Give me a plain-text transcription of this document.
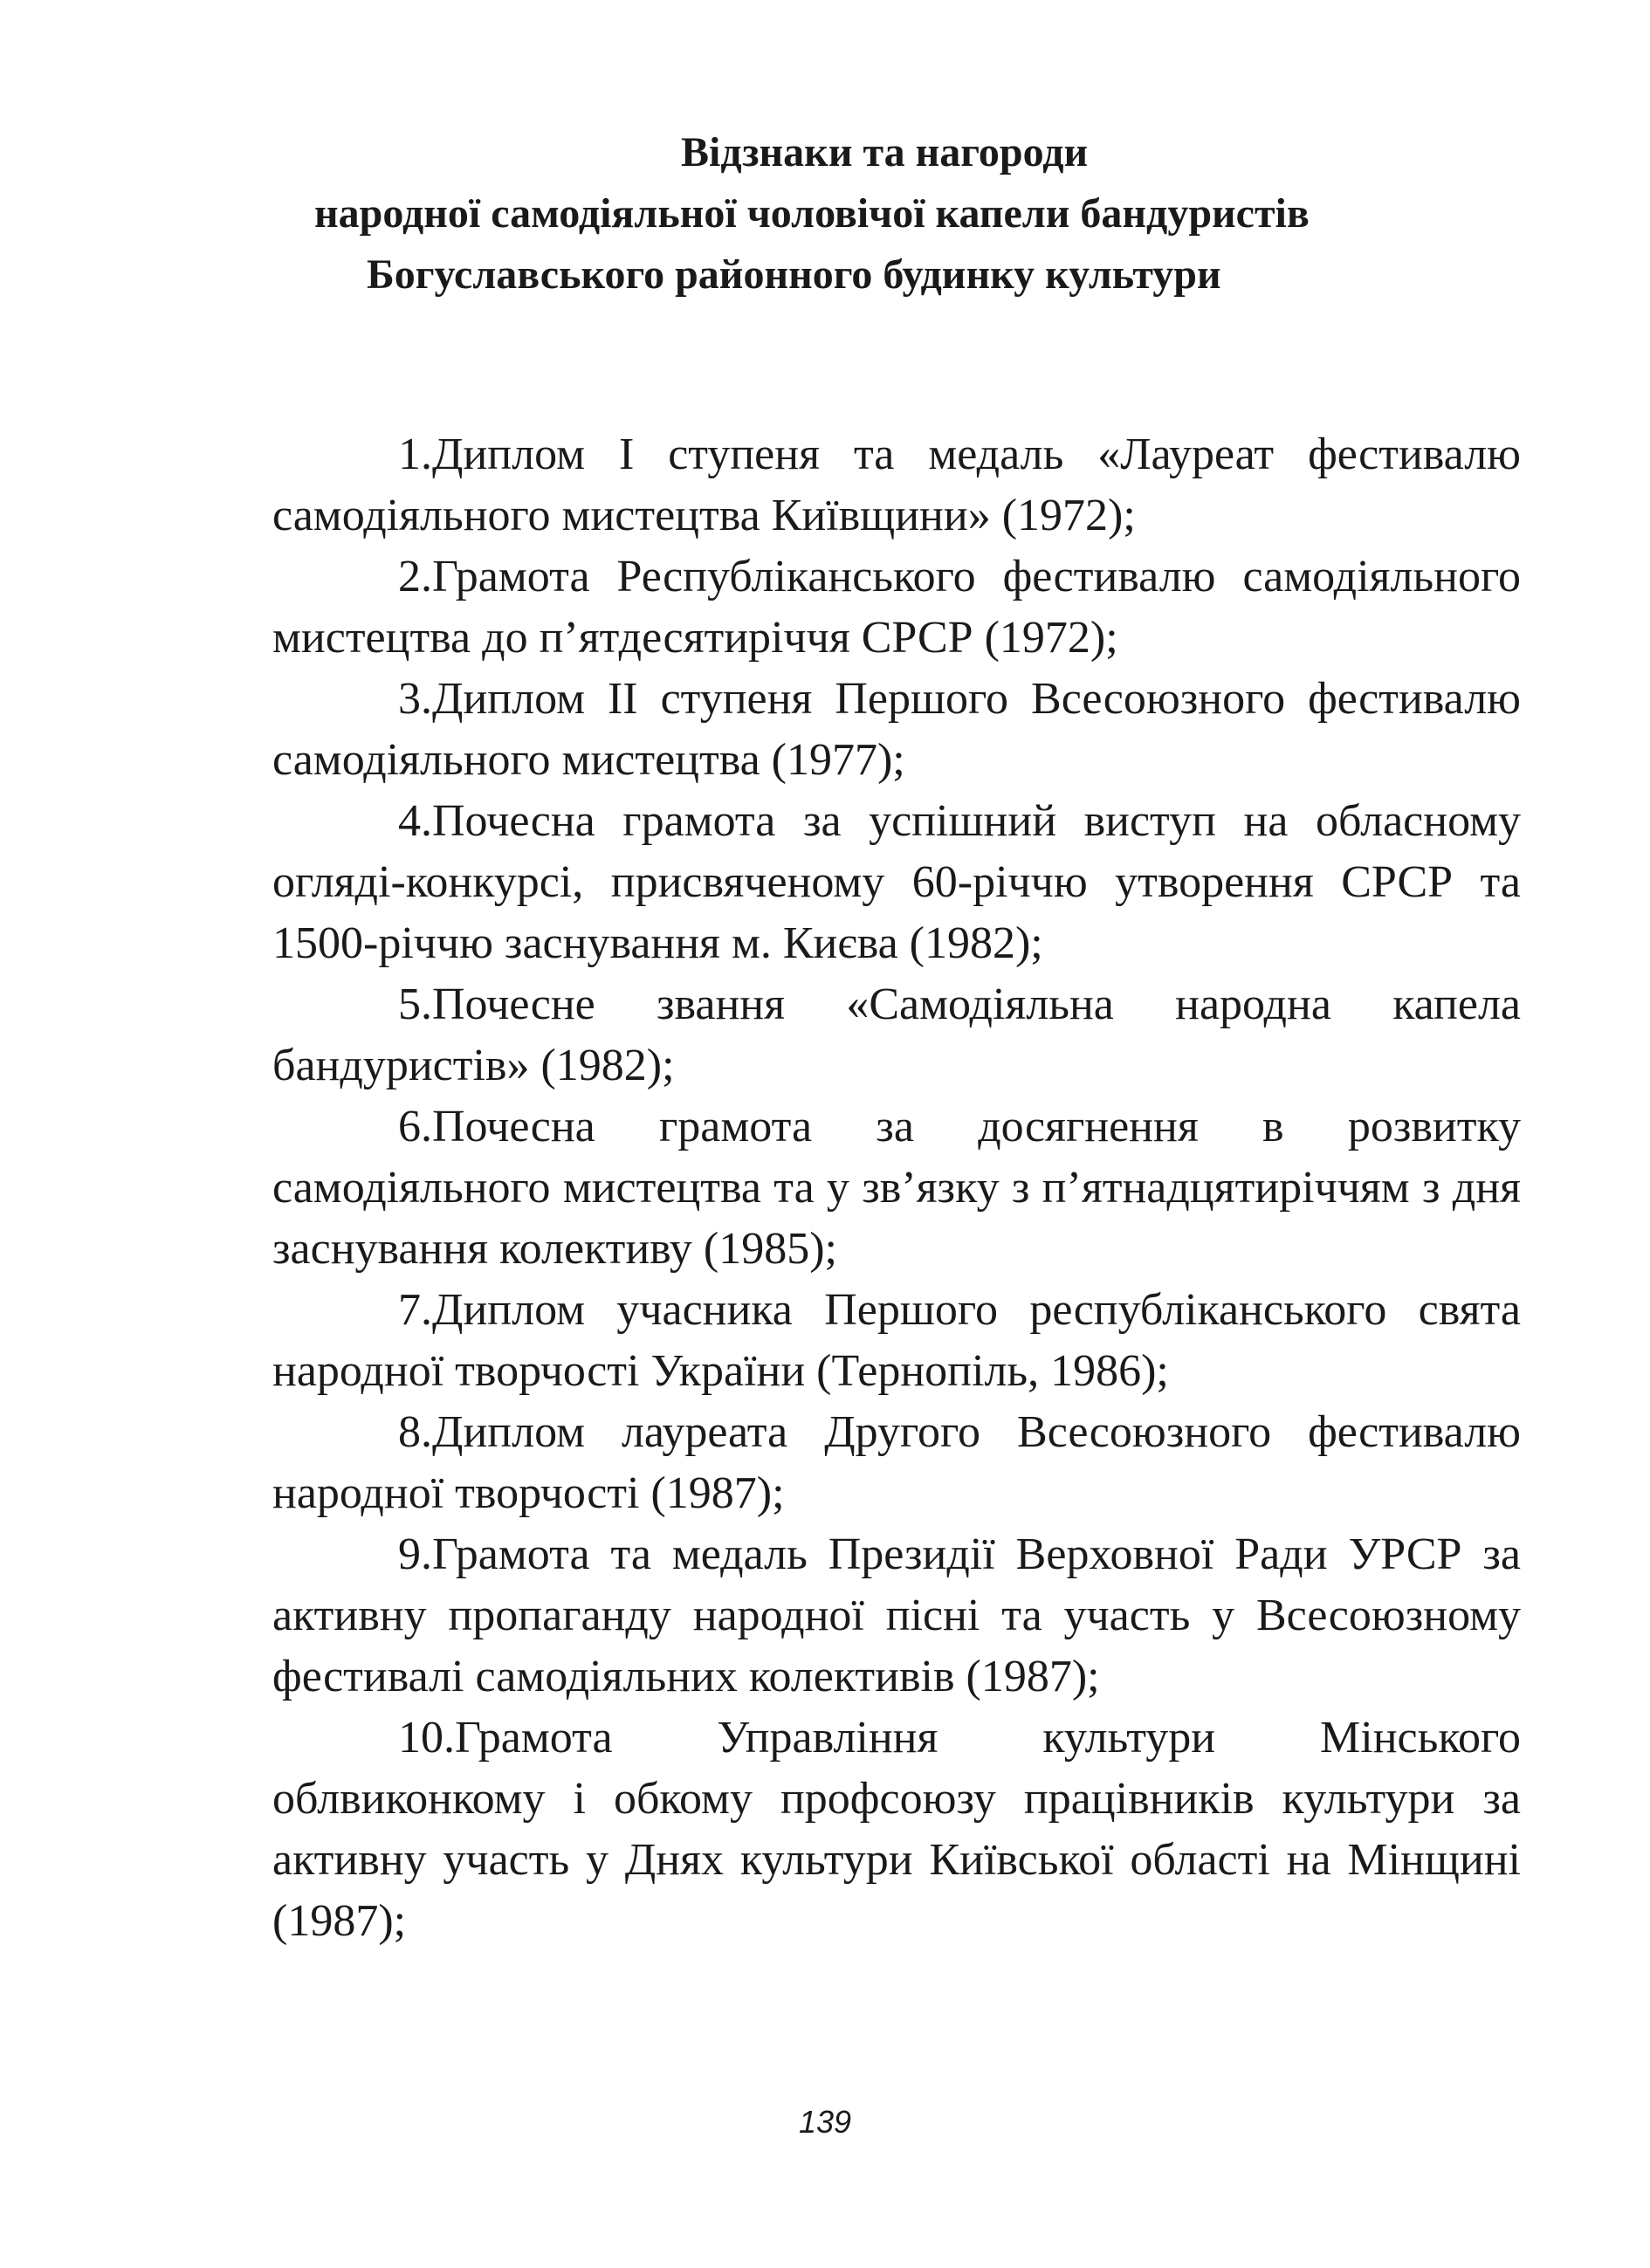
Відзнаки та нагороди
народної самодіяльної чоловічої капели бандуристів
Богуславського районного будинку культури

1.Диплом І ступеня та медаль «Лауреат фестивалю самодіяльного мистецтва Київщини» (1972);

2.Грамота Республіканського фестивалю самодіяльного мистецтва до п’ятдесятиріччя СРСР (1972);

3.Диплом ІІ ступеня Першого Всесоюзного фестивалю самодіяльного мистецтва (1977);

4.Почесна грамота за успішний виступ на обласному огляді-конкурсі, присвяченому 60-річчю утворення СРСР та 1500-річчю заснування м. Києва (1982);

5.Почесне звання «Самодіяльна народна капела бандуристів» (1982);

6.Почесна грамота за досягнення в розвитку самодіяльного мистецтва та у зв’язку з п’ятнадцятиріччям з дня заснування колективу (1985);

7.Диплом учасника Першого республіканського свята народної творчості України (Тернопіль, 1986);

8.Диплом лауреата Другого Всесоюзного фестивалю народної творчості (1987);

9.Грамота та медаль Президії Верховної Ради УРСР за активну пропаганду народної пісні та участь у Всесоюзному фестивалі самодіяльних колективів (1987);

10.Грамота Управління культури Мінського облвиконкому і обкому профсоюзу працівників культури за активну участь у Днях культури Київської області на Мінщині (1987);

139
